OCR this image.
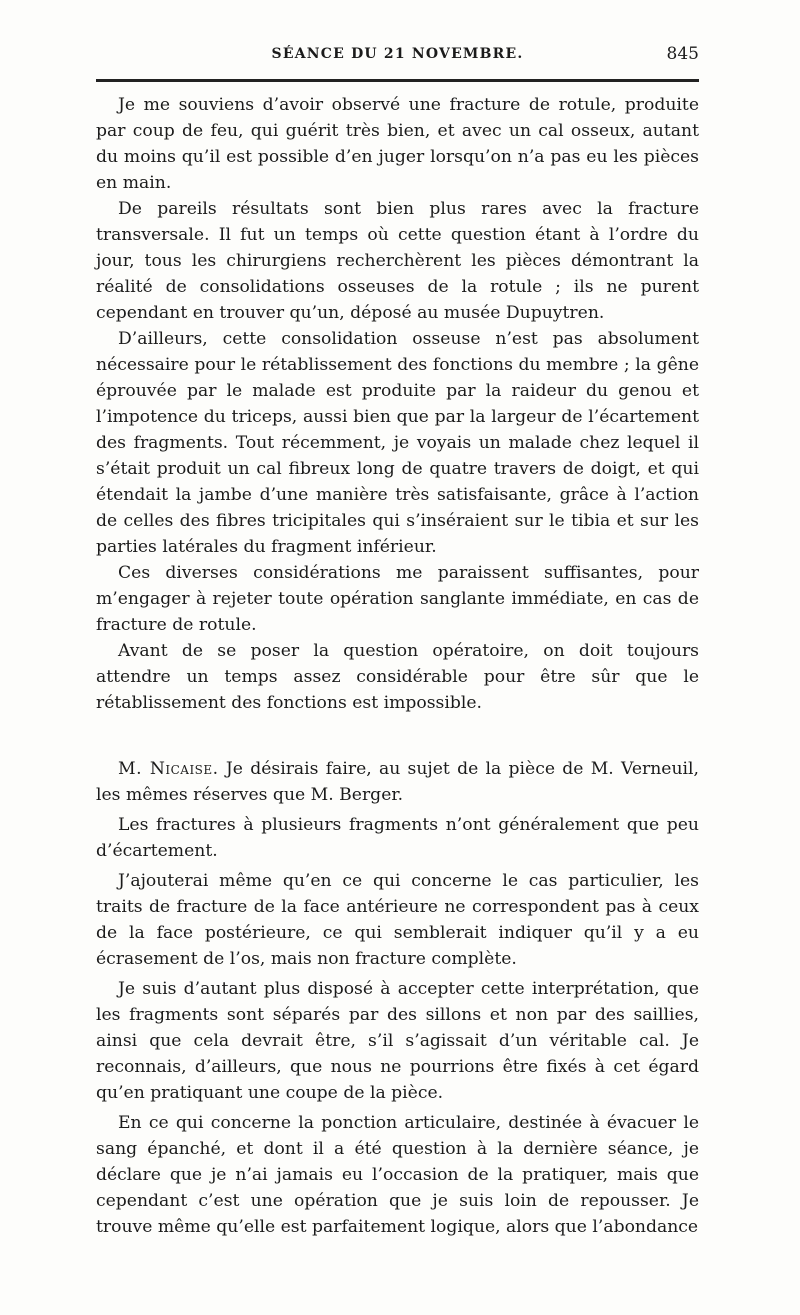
SÉANCE DU 21 NOVEMBRE.	845

Je me souviens d’avoir observé une fracture de rotule, produite par coup de feu, qui guérit très bien, et avec un cal osseux, autant du moins qu’il est possible d’en juger lorsqu’on n’a pas eu les pièces en main.

De pareils résultats sont bien plus rares avec la fracture transversale. Il fut un temps où cette question étant à l’ordre du jour, tous les chirurgiens recherchèrent les pièces démontrant la réalité de consolidations osseuses de la rotule ; ils ne purent cependant en trouver qu’un, déposé au musée Dupuytren.

D’ailleurs, cette consolidation osseuse n’est pas absolument nécessaire pour le rétablissement des fonctions du membre ; la gêne éprouvée par le malade est produite par la raideur du genou et l’impotence du triceps, aussi bien que par la largeur de l’écartement des fragments. Tout récemment, je voyais un malade chez lequel il s’était produit un cal fibreux long de quatre travers de doigt, et qui étendait la jambe d’une manière très satisfaisante, grâce à l’action de celles des fibres tricipitales qui s’inséraient sur le tibia et sur les parties latérales du fragment inférieur.

Ces diverses considérations me paraissent suffisantes, pour m’engager à rejeter toute opération sanglante immédiate, en cas de fracture de rotule.

Avant de se poser la question opératoire, on doit toujours attendre un temps assez considérable pour être sûr que le rétablissement des fonctions est impossible.

M. Nicaise. Je désirais faire, au sujet de la pièce de M. Verneuil, les mêmes réserves que M. Berger.

Les fractures à plusieurs fragments n’ont généralement que peu d’écartement.

J’ajouterai même qu’en ce qui concerne le cas particulier, les traits de fracture de la face antérieure ne correspondent pas à ceux de la face postérieure, ce qui semblerait indiquer qu’il y a eu écrasement de l’os, mais non fracture complète.

Je suis d’autant plus disposé à accepter cette interprétation, que les fragments sont séparés par des sillons et non par des saillies, ainsi que cela devrait être, s’il s’agissait d’un véritable cal. Je reconnais, d’ailleurs, que nous ne pourrions être fixés à cet égard qu’en pratiquant une coupe de la pièce.

En ce qui concerne la ponction articulaire, destinée à évacuer le sang épanché, et dont il a été question à la dernière séance, je déclare que je n’ai jamais eu l’occasion de la pratiquer, mais que cependant c’est une opération que je suis loin de repousser. Je trouve même qu’elle est parfaitement logique, alors que l’abondance
